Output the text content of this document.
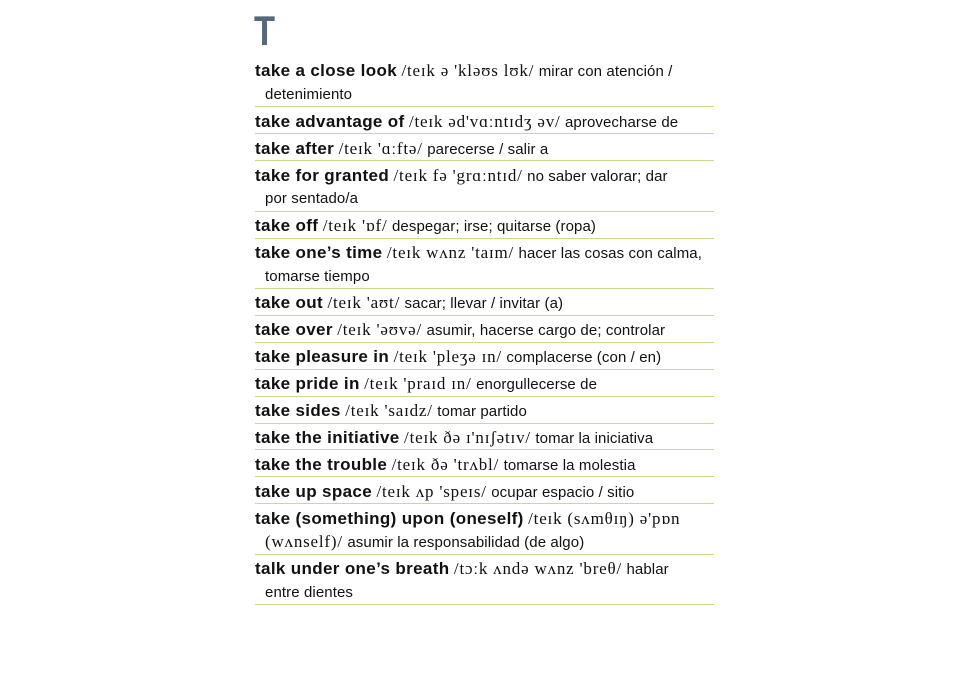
T
take a close look /teɪk ə 'kləʊs lʊk/ mirar con atención /
detenimiento
take advantage of /teɪk əd'vɑːntɪdʒ əv/ aprovecharse de
take after /teɪk 'ɑːftə/ parecerse / salir a
take for granted /teɪk fə 'grɑːntɪd/ no saber valorar; dar
por sentado/a
take off /teɪk 'ɒf/ despegar; irse; quitarse (ropa)
take one’s time /teɪk wʌnz 'taɪm/ hacer las cosas con calma,
tomarse tiempo
take out /teɪk 'aʊt/ sacar; llevar / invitar (a)
take over /teɪk 'əʊvə/ asumir, hacerse cargo de; controlar
take pleasure in /teɪk 'pleʒə ɪn/ complacerse (con / en)
take pride in /teɪk 'praɪd ɪn/ enorgullecerse de
take sides /teɪk 'saɪdz/ tomar partido
take the initiative /teɪk ðə ɪ'nɪʃətɪv/ tomar la iniciativa
take the trouble /teɪk ðə 'trʌbl/ tomarse la molestia
take up space /teɪk ʌp 'speɪs/ ocupar espacio / sitio
take (something) upon (oneself) /teɪk (sʌmθɪŋ) ə'pɒn
(wʌnself)/ asumir la responsabilidad (de algo)
talk under one’s breath /tɔːk ʌndə wʌnz 'breθ/ hablar
entre dientes
